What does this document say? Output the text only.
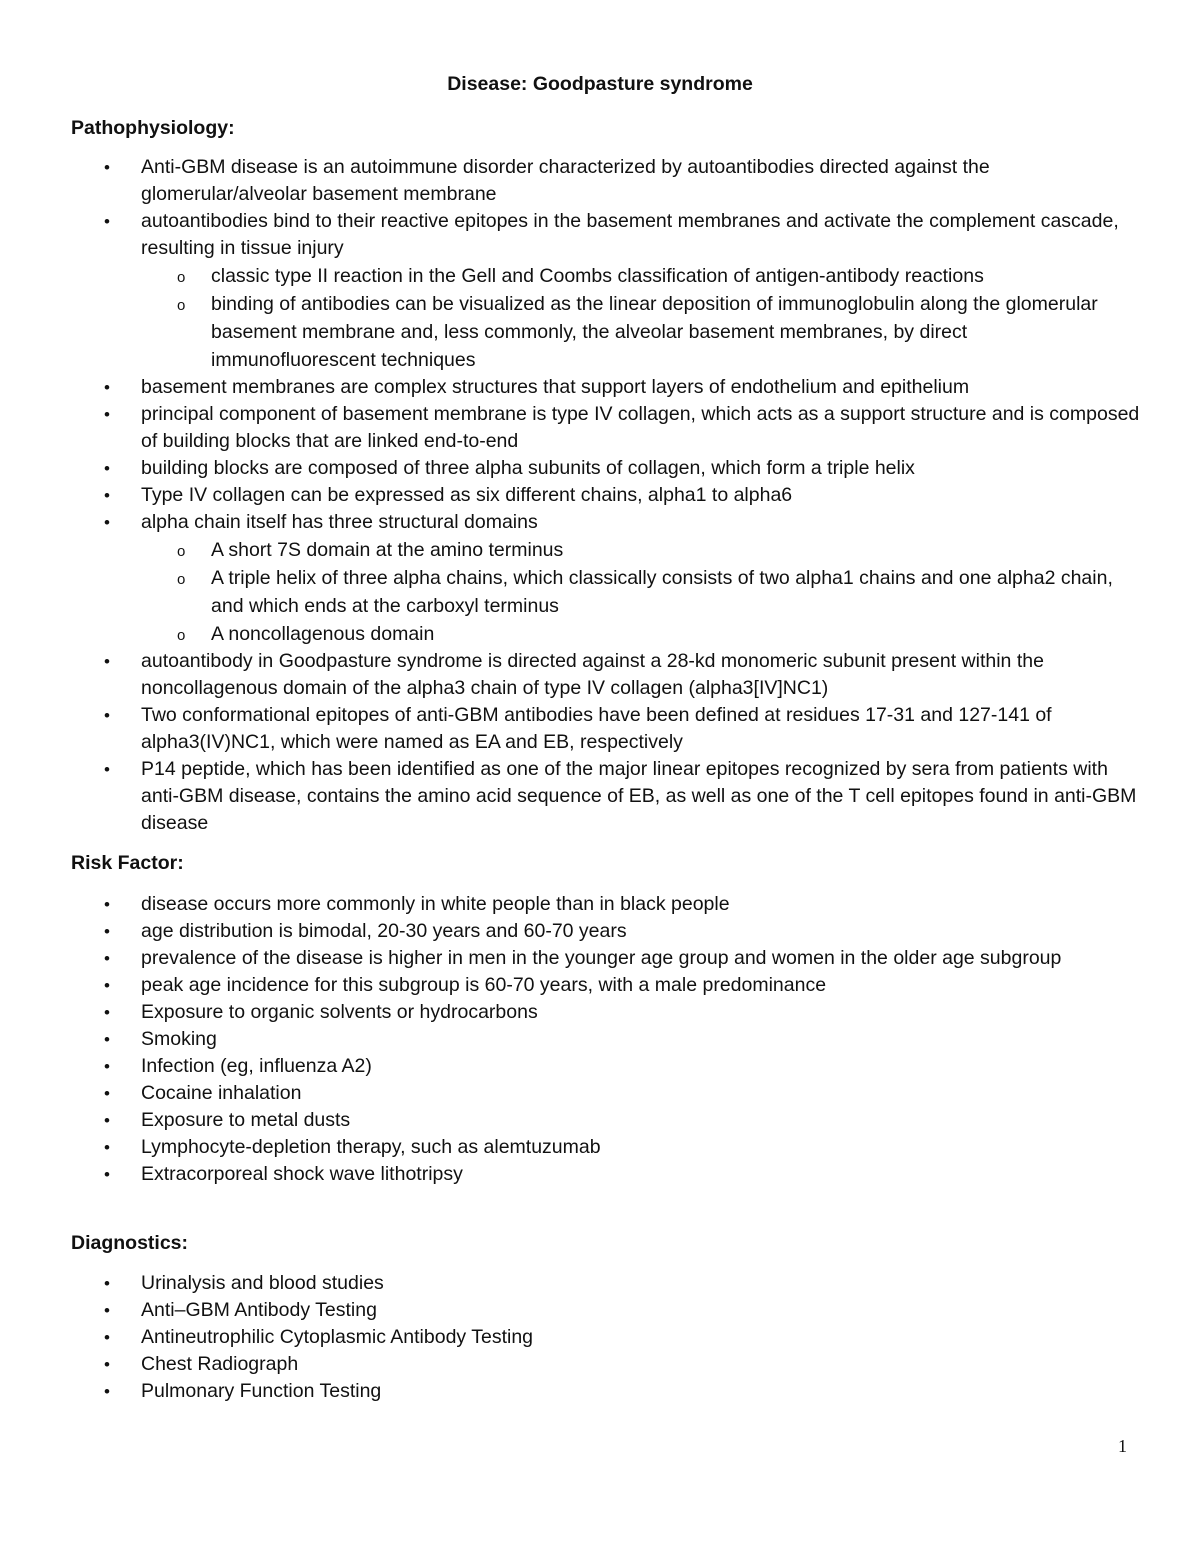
Disease: Goodpasture syndrome
Pathophysiology:
• Anti-GBM disease is an autoimmune disorder characterized by autoantibodies directed against the glomerular/alveolar basement membrane
• autoantibodies bind to their reactive epitopes in the basement membranes and activate the complement cascade, resulting in tissue injury
o classic type II reaction in the Gell and Coombs classification of antigen-antibody reactions
o binding of antibodies can be visualized as the linear deposition of immunoglobulin along the glomerular basement membrane and, less commonly, the alveolar basement membranes, by direct immunofluorescent techniques
• basement membranes are complex structures that support layers of endothelium and epithelium
• principal component of basement membrane is type IV collagen, which acts as a support structure and is composed of building blocks that are linked end-to-end
• building blocks are composed of three alpha subunits of collagen, which form a triple helix
• Type IV collagen can be expressed as six different chains, alpha1 to alpha6
• alpha chain itself has three structural domains
o A short 7S domain at the amino terminus
o A triple helix of three alpha chains, which classically consists of two alpha1 chains and one alpha2 chain, and which ends at the carboxyl terminus
o A noncollagenous domain
• autoantibody in Goodpasture syndrome is directed against a 28-kd monomeric subunit present within the noncollagenous domain of the alpha3 chain of type IV collagen (alpha3[IV]NC1)
• Two conformational epitopes of anti-GBM antibodies have been defined at residues 17-31 and 127-141 of alpha3(IV)NC1, which were named as EA and EB, respectively
• P14 peptide, which has been identified as one of the major linear epitopes recognized by sera from patients with anti-GBM disease, contains the amino acid sequence of EB, as well as one of the T cell epitopes found in anti-GBM disease
Risk Factor:
• disease occurs more commonly in white people than in black people
• age distribution is bimodal, 20-30 years and 60-70 years
• prevalence of the disease is higher in men in the younger age group and women in the older age subgroup
• peak age incidence for this subgroup is 60-70 years, with a male predominance
• Exposure to organic solvents or hydrocarbons
• Smoking
• Infection (eg, influenza A2)
• Cocaine inhalation
• Exposure to metal dusts
• Lymphocyte-depletion therapy, such as alemtuzumab
• Extracorporeal shock wave lithotripsy
Diagnostics:
• Urinalysis and blood studies
• Anti–GBM Antibody Testing
• Antineutrophilic Cytoplasmic Antibody Testing
• Chest Radiograph
• Pulmonary Function Testing
1
